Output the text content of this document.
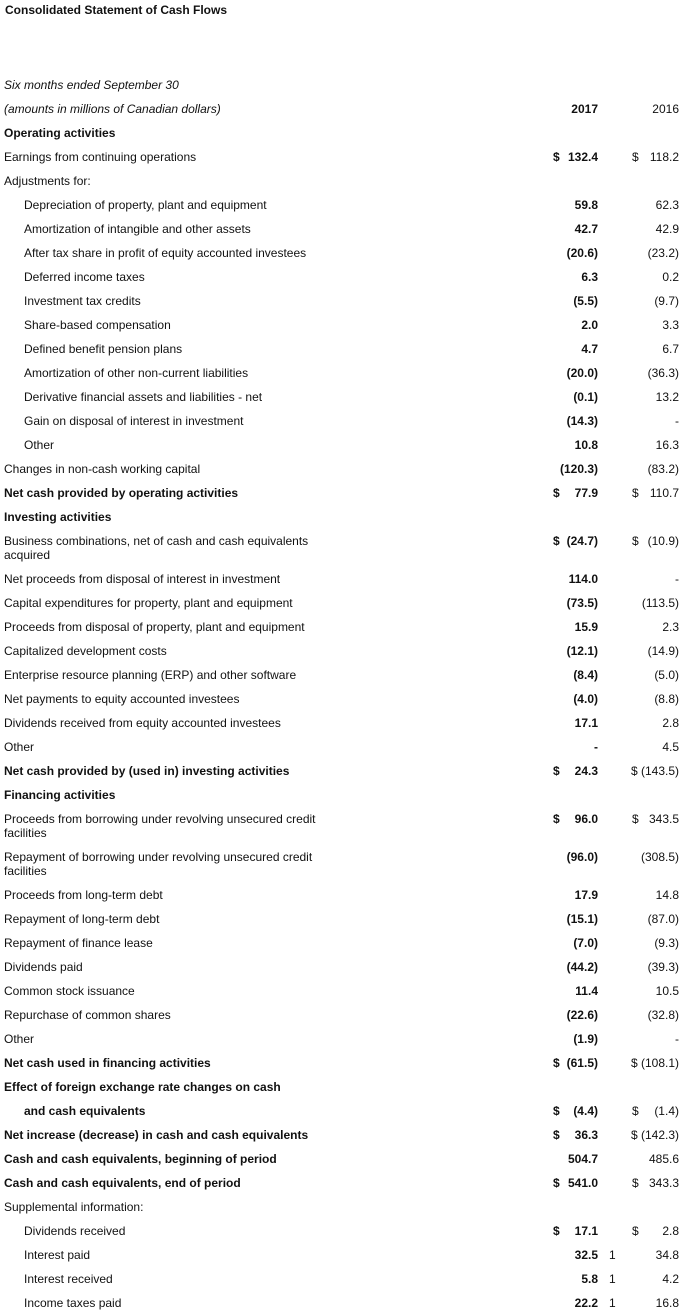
Consolidated Statement of Cash Flows
Six months ended September 30
(amounts in millions of Canadian dollars)	2017	2016
Operating activities
Earnings from continuing operations	$ 132.4	$ 118.2
Adjustments for:
Depreciation of property, plant and equipment	59.8	62.3
Amortization of intangible and other assets	42.7	42.9
After tax share in profit of equity accounted investees	(20.6)	(23.2)
Deferred income taxes	6.3	0.2
Investment tax credits	(5.5)	(9.7)
Share-based compensation	2.0	3.3
Defined benefit pension plans	4.7	6.7
Amortization of other non-current liabilities	(20.0)	(36.3)
Derivative financial assets and liabilities - net	(0.1)	13.2
Gain on disposal of interest in investment	(14.3)	-
Other	10.8	16.3
Changes in non-cash working capital	(120.3)	(83.2)
Net cash provided by operating activities	$ 77.9	$ 110.7
Investing activities
Business combinations, net of cash and cash equivalents acquired
$ (24.7)	$ (10.9)
Net proceeds from disposal of interest in investment	114.0	-
Capital expenditures for property, plant and equipment	(73.5)	(113.5)
Proceeds from disposal of property, plant and equipment	15.9	2.3
Capitalized development costs	(12.1)	(14.9)
Enterprise resource planning (ERP) and other software	(8.4)	(5.0)
Net payments to equity accounted investees	(4.0)	(8.8)
Dividends received from equity accounted investees	17.1	2.8
Other	-	4.5
Net cash provided by (used in) investing activities	$ 24.3	$ (143.5)
Financing activities
Proceeds from borrowing under revolving unsecured credit facilities
$ 96.0	$ 343.5
Repayment of borrowing under revolving unsecured credit facilities
(96.0)	(308.5)
Proceeds from long-term debt	17.9	14.8
Repayment of long-term debt	(15.1)	(87.0)
Repayment of finance lease	(7.0)	(9.3)
Dividends paid	(44.2)	(39.3)
Common stock issuance	11.4	10.5
Repurchase of common shares	(22.6)	(32.8)
Other	(1.9)	-
Net cash used in financing activities	$ (61.5)	$ (108.1)
Effect of foreign exchange rate changes on cash
and cash equivalents	$ (4.4)	$ (1.4)
Net increase (decrease) in cash and cash equivalents	$ 36.3	$ (142.3)
Cash and cash equivalents, beginning of period	504.7	485.6
Cash and cash equivalents, end of period	$ 541.0	$ 343.3
Supplemental information:
Dividends received	$ 17.1	$ 2.8
Interest paid	32.5 1	34.8
Interest received	5.8 1	4.2
Income taxes paid	22.2 1	16.8
